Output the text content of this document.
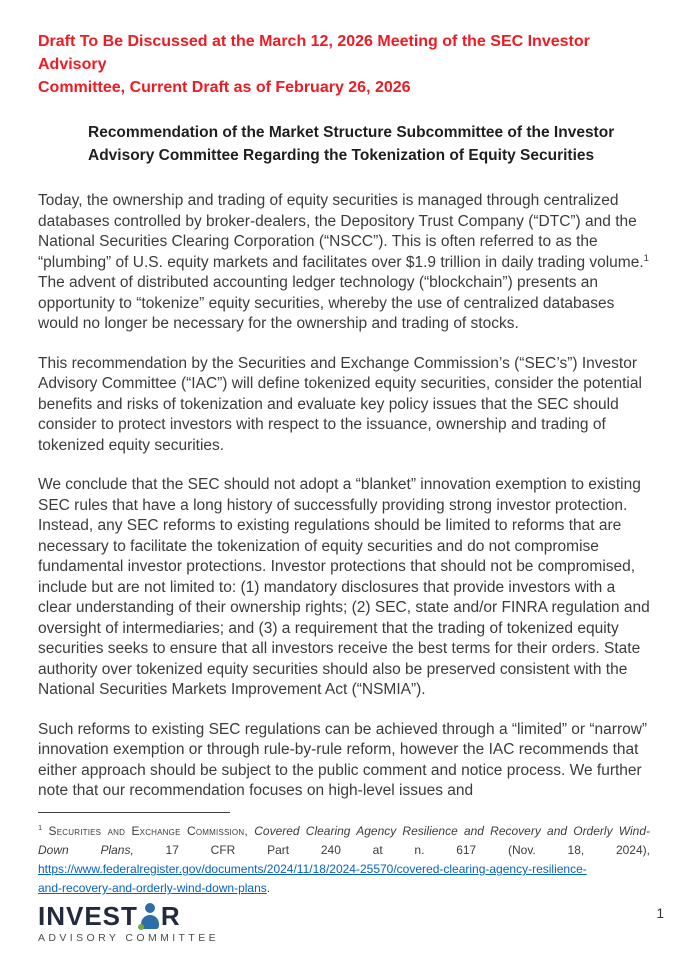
Draft To Be Discussed at the March 12, 2026 Meeting of the SEC Investor Advisory
Committee, Current Draft as of February 26, 2026
Recommendation of the Market Structure Subcommittee of the Investor
Advisory Committee Regarding the Tokenization of Equity Securities

Today, the ownership and trading of equity securities is managed through centralized databases controlled by broker-dealers, the Depository Trust Company (“DTC”) and the National Securities Clearing Corporation (“NSCC”). This is often referred to as the “plumbing” of U.S. equity markets and facilitates over $1.9 trillion in daily trading volume.$^1$ The advent of distributed accounting ledger technology (“blockchain”) presents an opportunity to “tokenize” equity securities, whereby the use of centralized databases would no longer be necessary for the ownership and trading of stocks.

This recommendation by the Securities and Exchange Commission’s (“SEC’s”) Investor Advisory Committee (“IAC”) will define tokenized equity securities, consider the potential benefits and risks of tokenization and evaluate key policy issues that the SEC should consider to protect investors with respect to the issuance, ownership and trading of tokenized equity securities.

We conclude that the SEC should not adopt a “blanket” innovation exemption to existing SEC rules that have a long history of successfully providing strong investor protection. Instead, any SEC reforms to existing regulations should be limited to reforms that are necessary to facilitate the tokenization of equity securities and do not compromise fundamental investor protections. Investor protections that should not be compromised, include but are not limited to: (1) mandatory disclosures that provide investors with a clear understanding of their ownership rights; (2) SEC, state and/or FINRA regulation and oversight of intermediaries; and (3) a requirement that the trading of tokenized equity securities seeks to ensure that all investors receive the best terms for their orders. State authority over tokenized equity securities should also be preserved consistent with the National Securities Markets Improvement Act (“NSMIA”).

Such reforms to existing SEC regulations can be achieved through a “limited” or “narrow” innovation exemption or through rule-by-rule reform, however the IAC recommends that either approach should be subject to the public comment and notice process. We further note that our recommendation focuses on high-level issues and

$^1$ Securities and Exchange Commission, Covered Clearing Agency Resilience and Recovery and Orderly Wind-
Down Plans, 17 CFR Part 240 at n. 617 (Nov. 18, 2024),
https://www.federalregister.gov/documents/2024/11/18/2024-25570/covered-clearing-agency-resilience-
and-recovery-and-orderly-wind-down-plans.
INVEST R
ADVISORY COMMITTEE
1
